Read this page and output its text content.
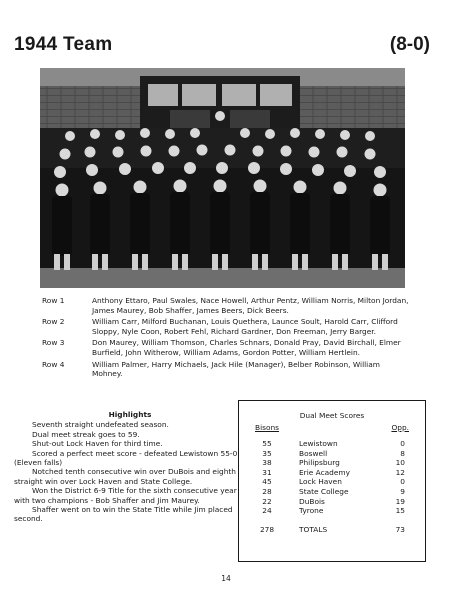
1944 Team	(8-0)
Row 1	Anthony Ettaro, Paul Swales, Nace Howell, Arthur Pentz, William Norris, Milton Jordan, James Maurey, Bob Shaffer, James Beers, Dick Beers.
Row 2	William Carr, Milford Buchanan, Louis Quethera, Launce Soult, Harold Carr, Clifford Sloppy, Nyle Coon, Robert Fehl, Richard Gardner, Don Freeman, Jerry Barger.
Row 3	Don Maurey, William Thomson, Charles Schnars, Donald Pray, David Birchall, Elmer Burfield, John Witherow, William Adams, Gordon Potter, William Hertlein.
Row 4	William Palmer, Harry Michaels, Jack Hile (Manager), Belber Robinson, William Mohney.
Highlights

Seventh straight undefeated season.

Dual meet streak goes to 59.

Shut-out Lock Haven for third time.

Scored a perfect meet score - defeated Lewistown 55-0. (Eleven falls)

Notched tenth consecutive win over DuBois and eighth straight win over Lock Haven and State College.

Won the District 6-9 Title for the sixth consecutive year with two champions - Bob Shaffer and Jim Maurey.

Shaffer went on to win the State Title while Jim placed second.

Dual Meet Scores
Bisons	Opp.
55	Lewistown	0
35	Boswell	8
38	Philipsburg	10
31	Erie Academy	12
45	Lock Haven	0
28	State College	9
22	DuBois	19
24	Tyrone	15
278	TOTALS	73
14
